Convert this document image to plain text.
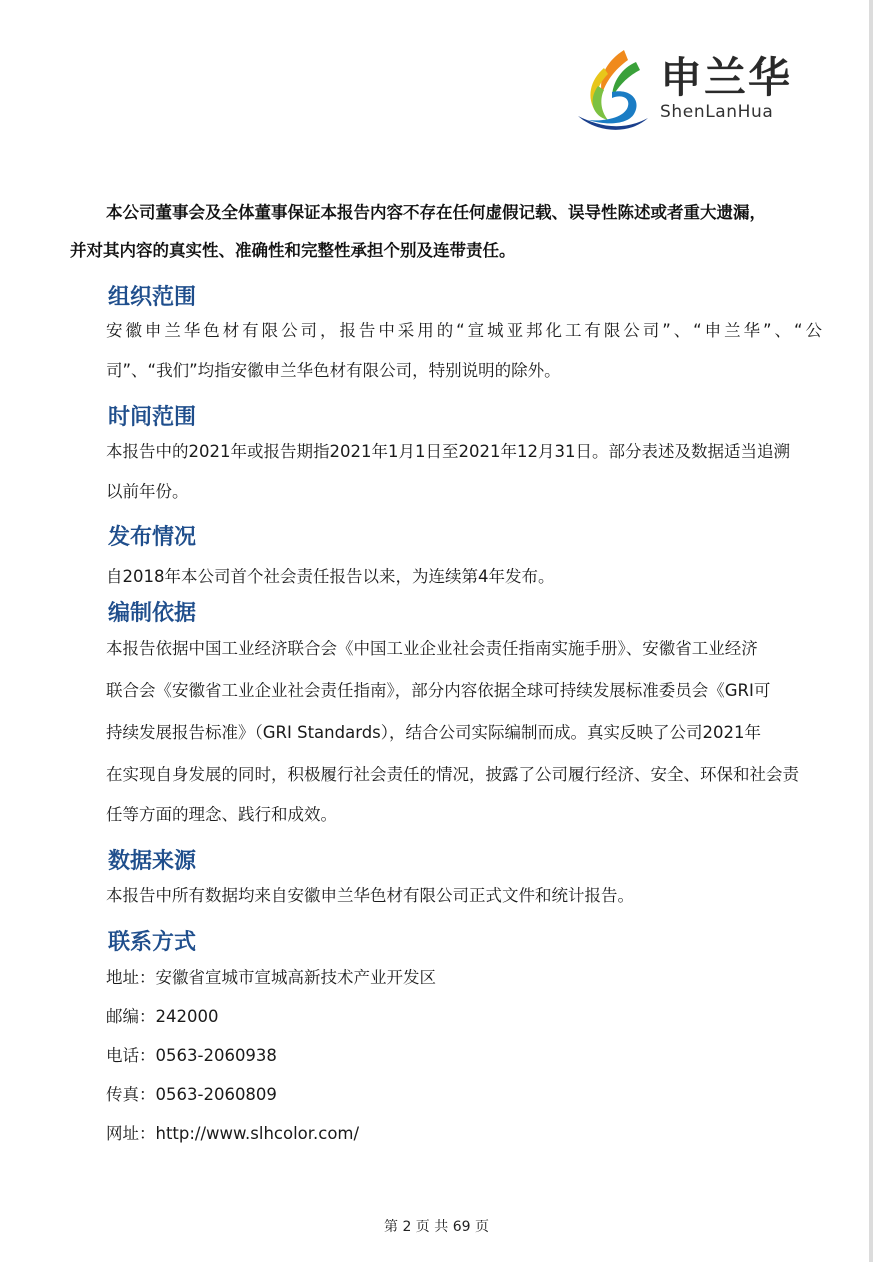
申兰华
ShenLanHua
本公司董事会及全体董事保证本报告内容不存在任何虚假记载、误导性陈述或者重大遗漏，
并对其内容的真实性、准确性和完整性承担个别及连带责任。
组织范围
安徽申兰华色材有限公司，报告中采用的“宣城亚邦化工有限公司”、“申兰华”、“公
司”、“我们”均指安徽申兰华色材有限公司，特别说明的除外。
时间范围
本报告中的2021年或报告期指2021年1月1日至2021年12月31日。部分表述及数据适当追溯
以前年份。
发布情况
自2018年本公司首个社会责任报告以来，为连续第4年发布。
编制依据
本报告依据中国工业经济联合会《中国工业企业社会责任指南实施手册》、安徽省工业经济
联合会《安徽省工业企业社会责任指南》，部分内容依据全球可持续发展标准委员会《GRI可
持续发展报告标准》（GRI Standards），结合公司实际编制而成。真实反映了公司2021年
在实现自身发展的同时，积极履行社会责任的情况，披露了公司履行经济、安全、环保和社会责
任等方面的理念、践行和成效。
数据来源
本报告中所有数据均来自安徽申兰华色材有限公司正式文件和统计报告。
联系方式
地址：安徽省宣城市宣城高新技术产业开发区
邮编：242000
电话：0563-2060938
传真：0563-2060809
网址：http://www.slhcolor.com/
第 2 页 共 69 页
